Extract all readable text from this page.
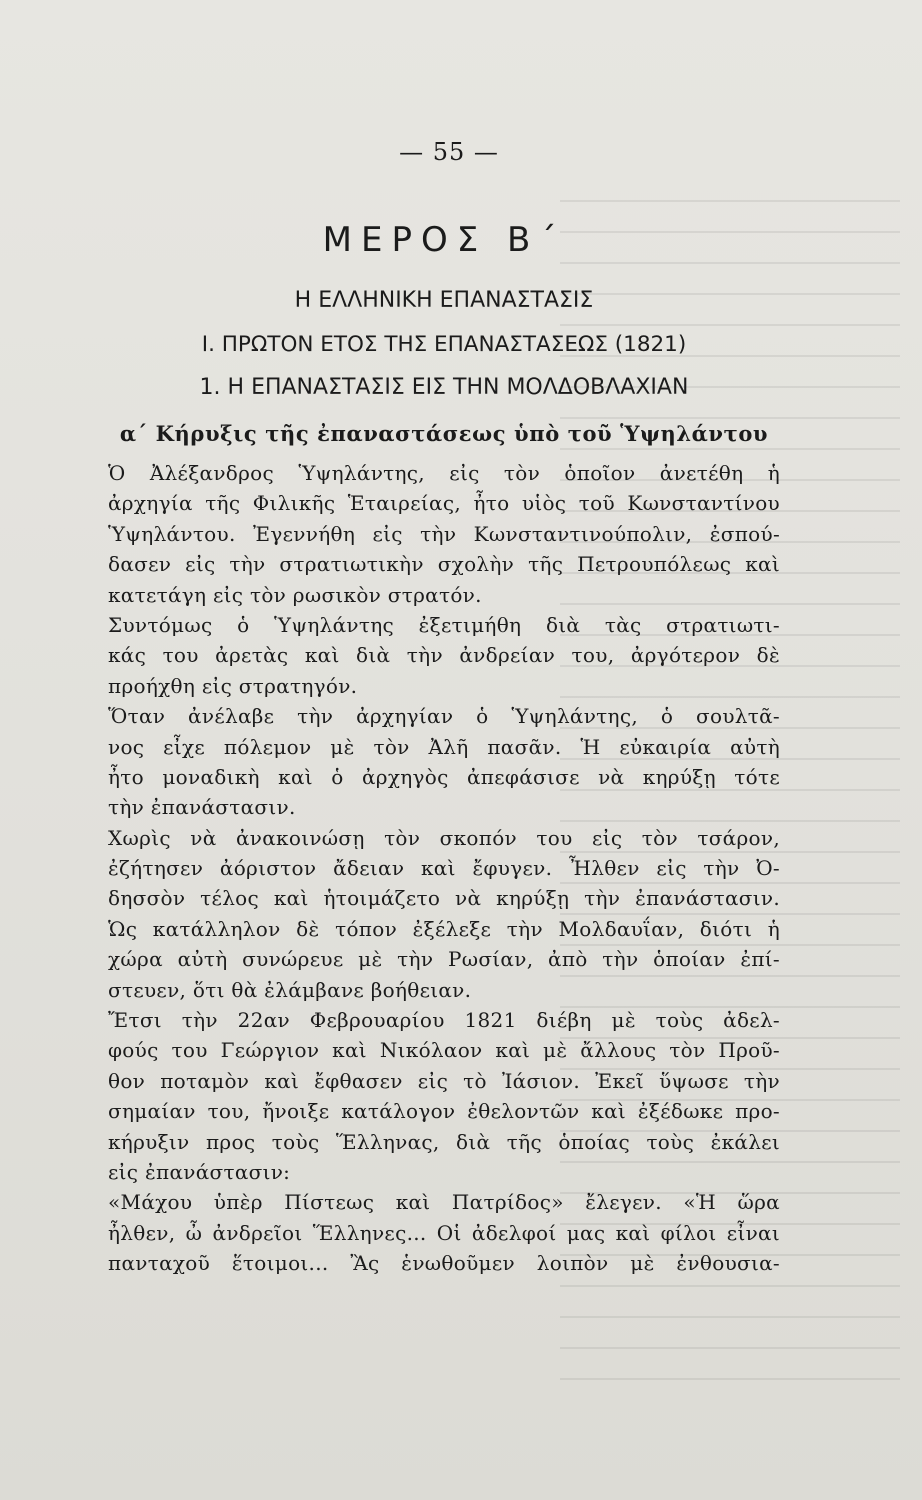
— 55 —
ΜΕΡΟΣ Β΄
Η ΕΛΛΗΝΙΚΗ ΕΠΑΝΑΣΤΑΣΙΣ
Ι. ΠΡΩΤΟΝ ΕΤΟΣ ΤΗΣ ΕΠΑΝΑΣΤΑΣΕΩΣ (1821)
1. Η ΕΠΑΝΑΣΤΑΣΙΣ ΕΙΣ ΤΗΝ ΜΟΛΔΟΒΛΑΧΙΑΝ
α΄ Κήρυξις τῆς ἐπαναστάσεως ὑπὸ τοῦ Ὑψηλάντου
Ὁ Ἀλέξανδρος Ὑψηλάντης, εἰς τὸν ὁποῖον ἀνετέθη ἡ
ἀρχηγία τῆς Φιλικῆς Ἑταιρείας, ἦτο υἱὸς τοῦ Κωνσταντίνου
Ὑψηλάντου. Ἐγεννήθη εἰς τὴν Κωνσταντινούπολιν, ἐσπού-
δασεν εἰς τὴν στρατιωτικὴν σχολὴν τῆς Πετρουπόλεως καὶ
κατετάγη εἰς τὸν ρωσικὸν στρατόν.
Συντόμως ὁ Ὑψηλάντης ἐξετιμήθη διὰ τὰς στρατιωτι-
κάς του ἀρετὰς καὶ διὰ τὴν ἀνδρείαν του, ἀργότερον δὲ
προήχθη εἰς στρατηγόν.
Ὅταν ἀνέλαβε τὴν ἀρχηγίαν ὁ Ὑψηλάντης, ὁ σουλτᾶ-
νος εἶχε πόλεμον μὲ τὸν Ἀλῆ πασᾶν. Ἡ εὐκαιρία αὐτὴ
ἦτο μοναδικὴ καὶ ὁ ἀρχηγὸς ἀπεφάσισε νὰ κηρύξῃ τότε
τὴν ἐπανάστασιν.
Χωρὶς νὰ ἀνακοινώσῃ τὸν σκοπόν του εἰς τὸν τσάρον,
ἐζήτησεν ἀόριστον ἄδειαν καὶ ἔφυγεν. Ἦλθεν εἰς τὴν Ὀ-
δησσὸν τέλος καὶ ἡτοιμάζετο νὰ κηρύξῃ τὴν ἐπανάστασιν.
Ὡς κατάλληλον δὲ τόπον ἐξέλεξε τὴν Μολδαυΐαν, διότι ἡ
χώρα αὐτὴ συνώρευε μὲ τὴν Ρωσίαν, ἀπὸ τὴν ὁποίαν ἐπί-
στευεν, ὅτι θὰ ἐλάμβανε βοήθειαν.
Ἔτσι τὴν 22αν Φεβρουαρίου 1821 διέβη μὲ τοὺς ἀδελ-
φούς του Γεώργιον καὶ Νικόλαον καὶ μὲ ἄλλους τὸν Προῦ-
θον ποταμὸν καὶ ἔφθασεν εἰς τὸ Ἰάσιον. Ἐκεῖ ὕψωσε τὴν
σημαίαν του, ἤνοιξε κατάλογον ἐθελοντῶν καὶ ἐξέδωκε προ-
κήρυξιν προς τοὺς Ἕλληνας, διὰ τῆς ὁποίας τοὺς ἐκάλει
εἰς ἐπανάστασιν:
«Μάχου ὑπὲρ Πίστεως καὶ Πατρίδος» ἔλεγεν. «Ἡ ὥρα
ἦλθεν, ὦ ἀνδρεῖοι Ἕλληνες... Οἱ ἀδελφοί μας καὶ φίλοι εἶναι
πανταχοῦ ἕτοιμοι... Ἂς ἑνωθοῦμεν λοιπὸν μὲ ἐνθουσια-
